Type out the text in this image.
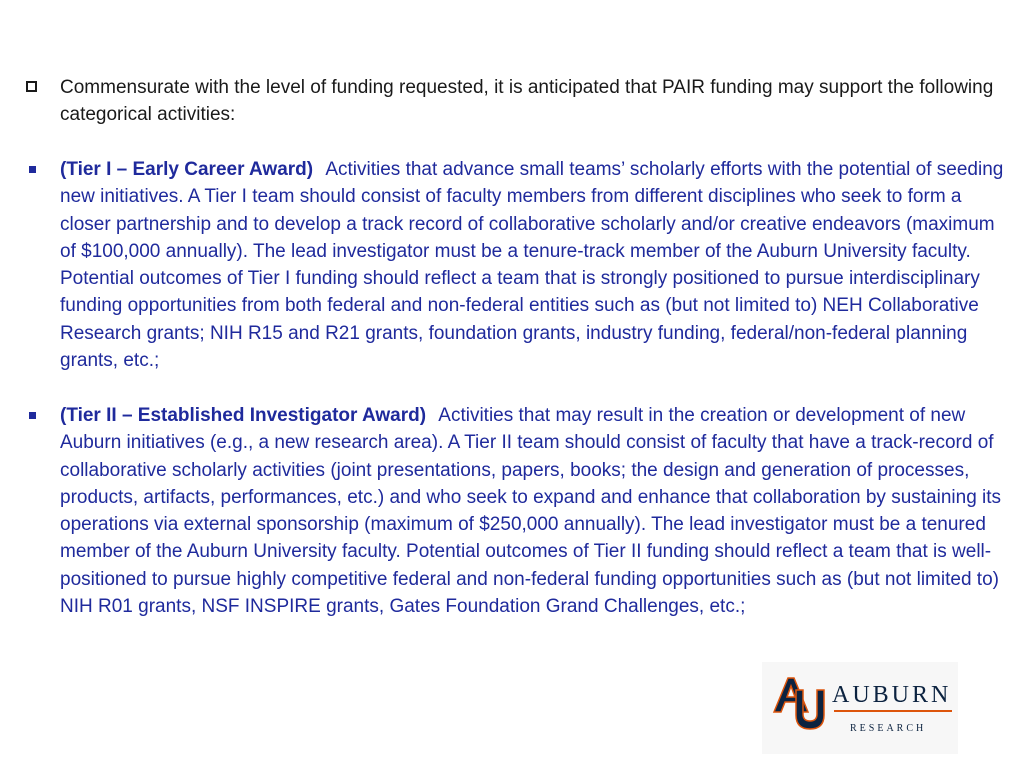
Commensurate with the level of funding requested, it is anticipated that PAIR funding may support the following categorical activities:

(Tier I – Early Career Award) Activities that advance small teams’ scholarly efforts with the potential of seeding new initiatives. A Tier I team should consist of faculty members from different disciplines who seek to form a closer partnership and to develop a track record of collaborative scholarly and/or creative endeavors (maximum of $100,000 annually). The lead investigator must be a tenure-track member of the Auburn University faculty. Potential outcomes of Tier I funding should reflect a team that is strongly positioned to pursue interdisciplinary funding opportunities from both federal and non-federal entities such as (but not limited to) NEH Collaborative Research grants; NIH R15 and R21 grants, foundation grants, industry funding, federal/non-federal planning grants, etc.;

(Tier II – Established Investigator Award) Activities that may result in the creation or development of new Auburn initiatives (e.g., a new research area). A Tier II team should consist of faculty that have a track-record of collaborative scholarly activities (joint presentations, papers, books; the design and generation of processes, products, artifacts, performances, etc.) and who seek to expand and enhance that collaboration by sustaining its operations via external sponsorship (maximum of $250,000 annually). The lead investigator must be a tenured member of the Auburn University faculty. Potential outcomes of Tier II funding should reflect a team that is well-positioned to pursue highly competitive federal and non-federal funding opportunities such as (but not limited to) NIH R01 grants, NSF INSPIRE grants, Gates Foundation Grand Challenges, etc.;

AUBURN
RESEARCH
